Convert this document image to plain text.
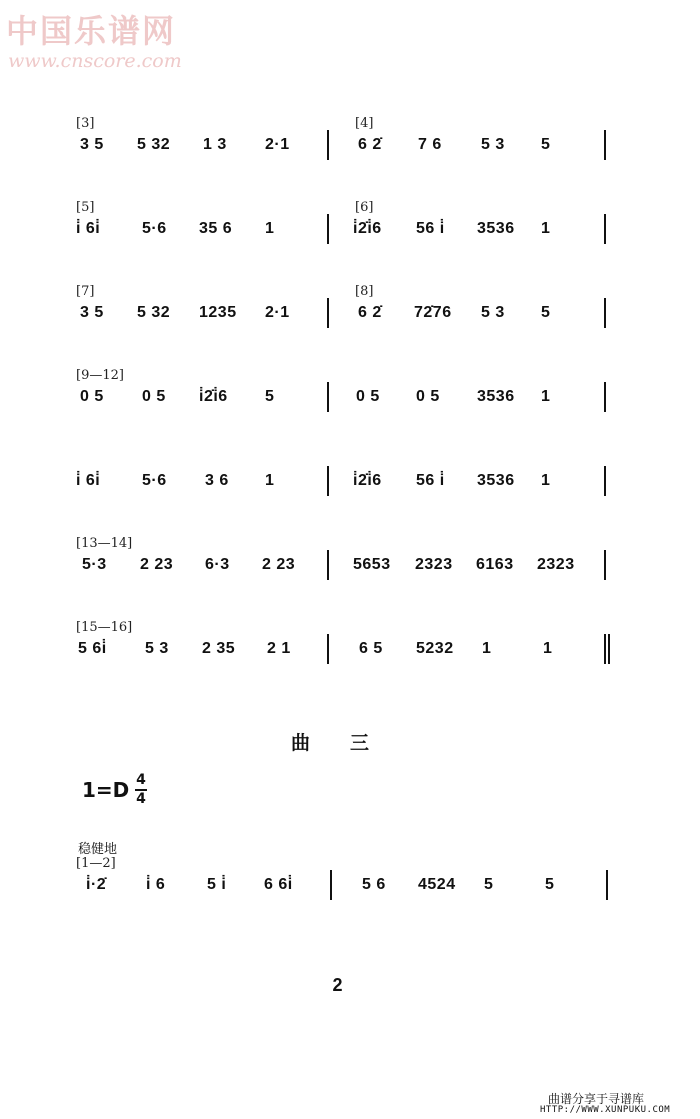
中国乐谱网
www.cnscore.com
[3]	[4]
3 5 5 32 1 3 2·1	6 2̇ 7 6 5 3 5
[5]	[6]
i̇ 6i̇	5·6 35 6 1	i̇2̇i̇6 56 i̇ 3536 1
[7]	[8]
3 5 5 32 1235 2·1	6 2̇ 72̇76 5 3 5
[9—12]
0 5 0 5 i̇2̇i̇6 5	0 5 0 5 3536 1
i̇ 6i̇	5·6 3 6 1	i̇2̇i̇6 56 i̇ 3536 1
[13—14]
5·3 2 23 6·3 2 23	5653 2323 6163 2323
[15—16]
5 6i̇ 5 3 2 35 2 1	6 5 5232 1	1
曲三
1=D 4
4
稳健地
[1—2]
i̇·2̇ i̇ 6	5 i̇ 6 6i̇	5 6 4524 5	5
2
曲谱分享于寻谱库
HTTP://WWW.XUNPUKU.COM
